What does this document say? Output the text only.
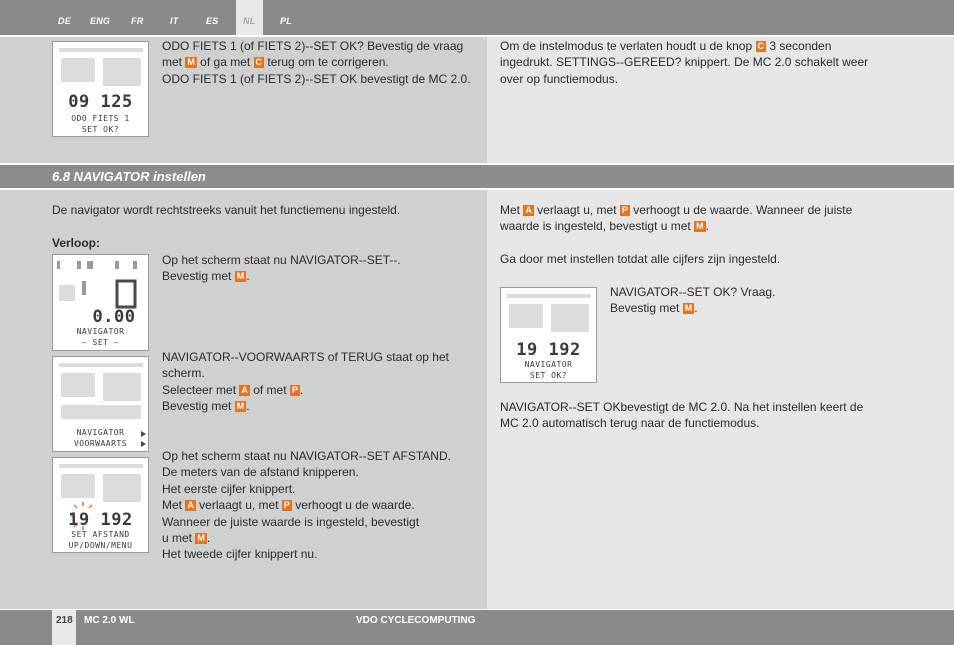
DE ENG FR	IT	ES	NL	PL
09 125
ODO FIETS 1
SET OK?
ODO FIETS 1 (of FIETS 2)--SET OK? Bevestig de vraag
met M of ga met C terug om te corrigeren.
ODO FIETS 1 (of FIETS 2)--SET OK bevestigt de MC 2.0.
Om de instelmodus te verlaten houdt u de knop C 3 seconden
ingedrukt. SETTINGS--GEREED? knippert. De MC 2.0 schakelt weer
over op functiemodus.
6.8 NAVIGATOR instellen
De navigator wordt rechtstreeks vanuit het functiemenu ingesteld.
Verloop:
0.00
NAVIGATOR
— SET —
Op het scherm staat nu NAVIGATOR--SET--.
Bevestig met M .
NAVIGATOR
VOORWAARTS
NAVIGATOR--VOORWAARTS of TERUG staat op het
scherm.
Selecteer met A of met P .
Bevestig met M .
19 192
SET AFSTAND
UP/DOWN/MENU
Op het scherm staat nu NAVIGATOR--SET AFSTAND.
De meters van de afstand knipperen.
Het eerste cijfer knippert.
Met A verlaagt u, met P verhoogt u de waarde.
Wanneer de juiste waarde is ingesteld, bevestigt
u met M .
Het tweede cijfer knippert nu.
Met A verlaagt u, met P verhoogt u de waarde. Wanneer de juiste
waarde is ingesteld, bevestigt u met M .
Ga door met instellen totdat alle cijfers zijn ingesteld.
19 192
NAVIGATOR
SET OK?
NAVIGATOR--SET OK? Vraag.
Bevestig met M .
NAVIGATOR--SET OKbevestigt de MC 2.0. Na het instellen keert de
MC 2.0 automatisch terug naar de functiemodus.
218 MC 2.0 WL	VDO CYCLECOMPUTING
